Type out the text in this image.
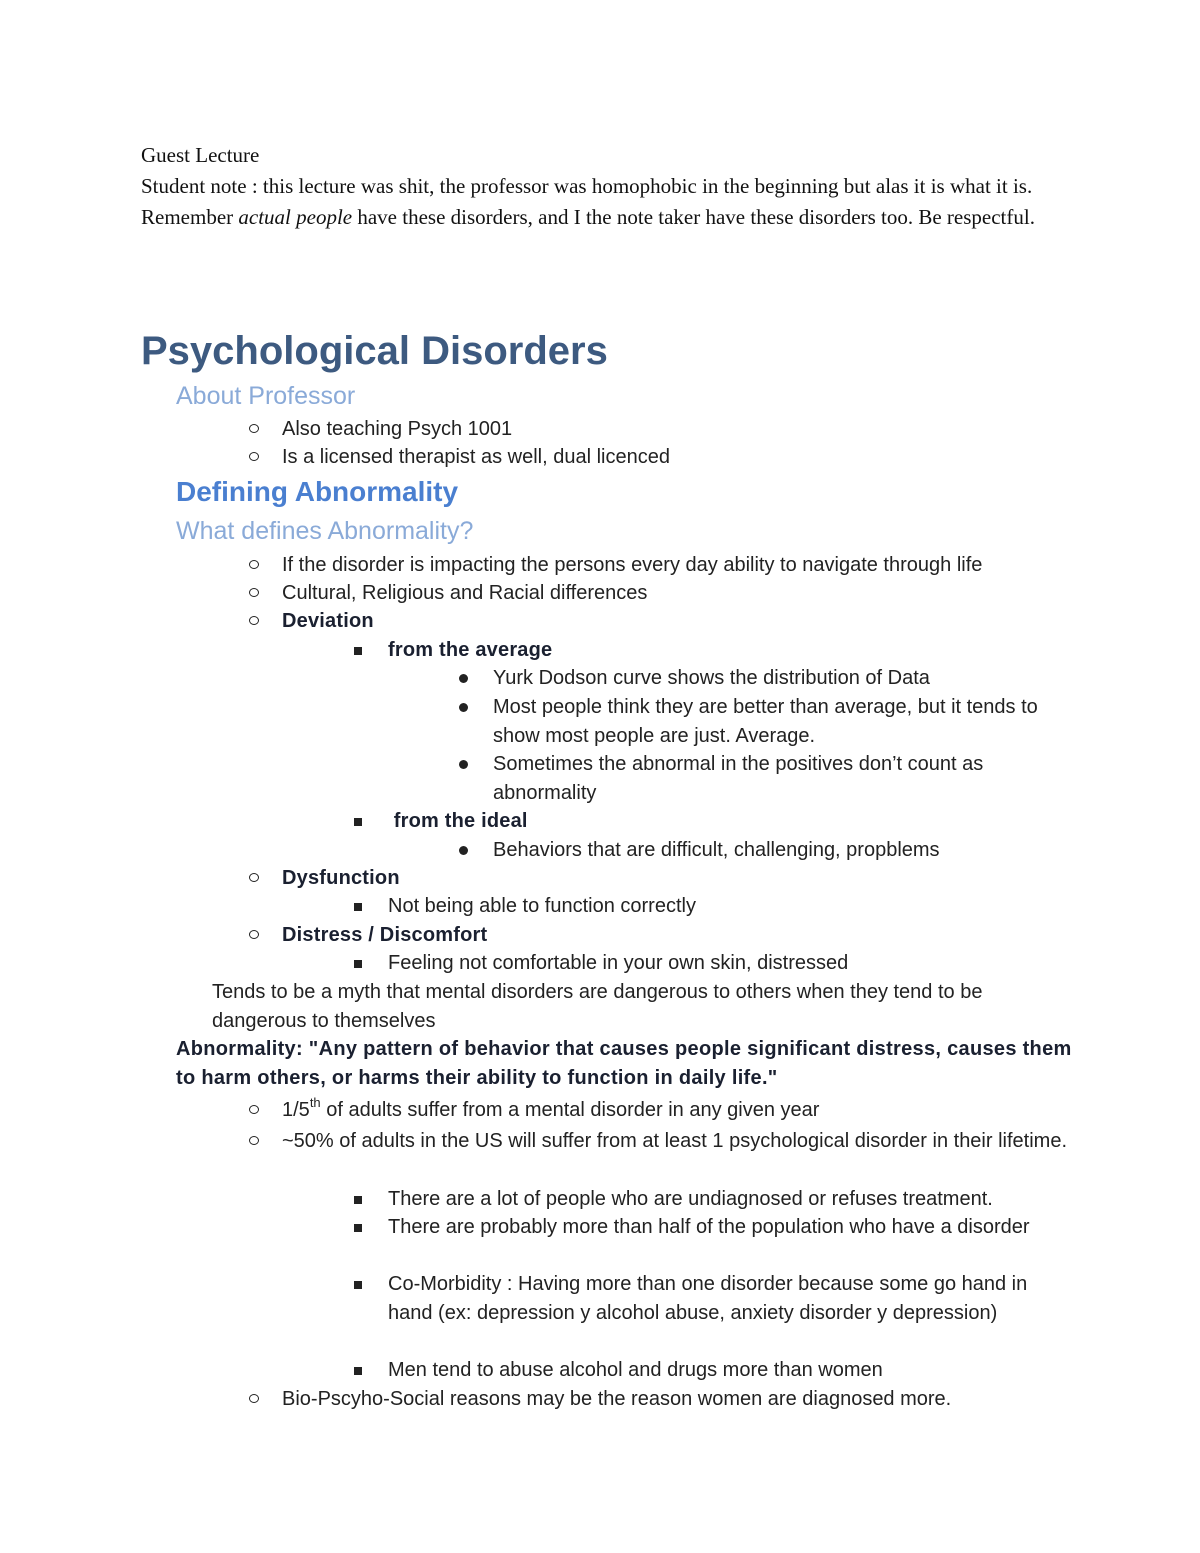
Guest Lecture

Student note : this lecture was shit, the professor was homophobic in the beginning but alas it is what it is. Remember actual people have these disorders, and I the note taker have these disorders too. Be respectful.

Psychological Disorders
About Professor
Also teaching Psych 1001
Is a licensed therapist as well, dual licenced
Defining Abnormality
What defines Abnormality?
If the disorder is impacting the persons every day ability to navigate through life
Cultural, Religious and Racial differences
Deviation
from the average
Yurk Dodson curve shows the distribution of Data
Most people think they are better than average, but it tends to show most people are just. Average.
Sometimes the abnormal in the positives don’t count as abnormality
from the ideal
Behaviors that are difficult, challenging, propblems
Dysfunction
Not being able to function correctly
Distress / Discomfort
Feeling not comfortable in your own skin, distressed
Tends to be a myth that mental disorders are dangerous to others when they tend to be dangerous to themselves
Abnormality: "Any pattern of behavior that causes people significant distress, causes them to harm others, or harms their ability to function in daily life."
1/5th of adults suffer from a mental disorder in any given year
~50% of adults in the US will suffer from at least 1 psychological disorder in their lifetime.
There are a lot of people who are undiagnosed or refuses treatment.
There are probably more than half of the population who have a disorder
Co-Morbidity : Having more than one disorder because some go hand in hand (ex: depression y alcohol abuse, anxiety disorder y depression)
Men tend to abuse alcohol and drugs more than women
Bio-Pscyho-Social reasons may be the reason women are diagnosed more.
